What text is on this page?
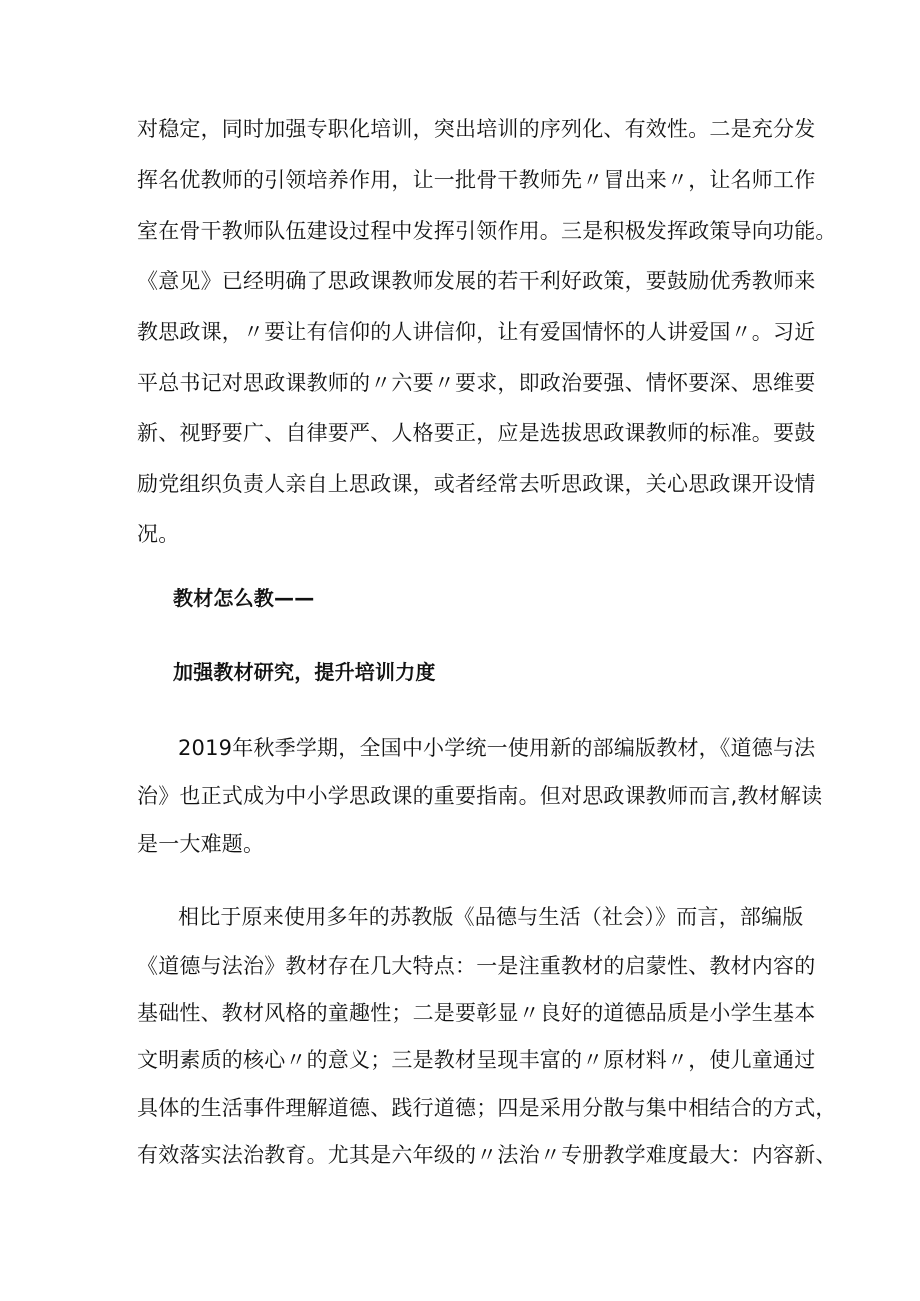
对稳定，同时加强专职化培训，突出培训的序列化、有效性。二是充分发
挥名优教师的引领培养作用，让一批骨干教师先〃冒出来〃，让名师工作
室在骨干教师队伍建设过程中发挥引领作用。三是积极发挥政策导向功能。
《意见》已经明确了思政课教师发展的若干利好政策，要鼓励优秀教师来
教思政课，〃要让有信仰的人讲信仰，让有爱国情怀的人讲爱国〃。习近
平总书记对思政课教师的〃六要〃要求，即政治要强、情怀要深、思维要
新、视野要广、自律要严、人格要正，应是选拔思政课教师的标准。要鼓
励党组织负责人亲自上思政课，或者经常去听思政课，关心思政课开设情
况。
教材怎么教——
加强教材研究，提升培训力度
2019年秋季学期，全国中小学统一使用新的部编版教材，《道德与法
治》也正式成为中小学思政课的重要指南。但对思政课教师而言,教材解读
是一大难题。
相比于原来使用多年的苏教版《品德与生活（社会）》而言，部编版
《道德与法治》教材存在几大特点：一是注重教材的启蒙性、教材内容的
基础性、教材风格的童趣性；二是要彰显〃良好的道德品质是小学生基本
文明素质的核心〃的意义；三是教材呈现丰富的〃原材料〃，使儿童通过
具体的生活事件理解道德、践行道德；四是采用分散与集中相结合的方式，
有效落实法治教育。尤其是六年级的〃法治〃专册教学难度最大：内容新、
